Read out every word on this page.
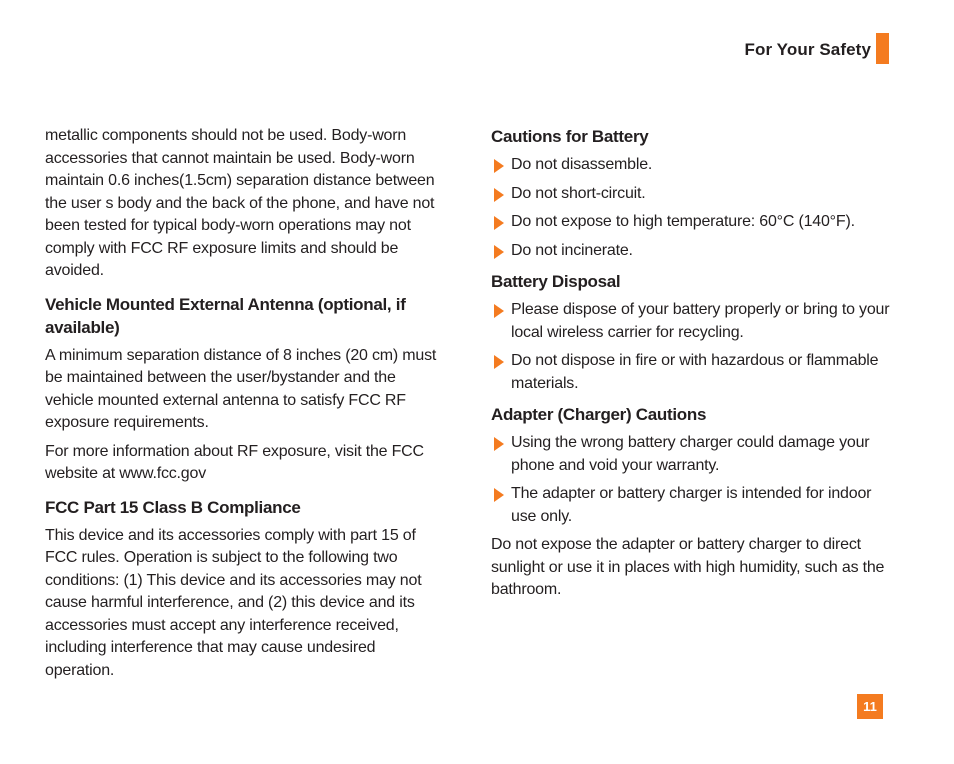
For Your Safety

metallic components should not be used. Body-worn accessories that cannot maintain be used. Body-worn maintain 0.6 inches(1.5cm) separation distance between the user s body and the back of the phone, and have not been tested for typical body-worn operations may not comply with FCC RF exposure limits and should be avoided.

Vehicle Mounted External Antenna (optional, if available)

A minimum separation distance of 8 inches (20 cm) must be maintained between the user/bystander and the vehicle mounted external antenna to satisfy FCC RF exposure requirements.

For more information about RF exposure, visit the FCC website at www.fcc.gov

FCC Part 15 Class B Compliance

This device and its accessories comply with part 15 of FCC rules. Operation is subject to the following two conditions: (1) This device and its accessories may not cause harmful interference, and (2) this device and its accessories must accept any interference received, including interference that may cause undesired operation.

Cautions for Battery
Do not disassemble.
Do not short-circuit.
Do not expose to high temperature: 60°C (140°F).
Do not incinerate.
Battery Disposal
Please dispose of your battery properly or bring to your local wireless carrier for recycling.
Do not dispose in fire or with hazardous or flammable materials.
Adapter (Charger) Cautions
Using the wrong battery charger could damage your phone and void your warranty.
The adapter or battery charger is intended for indoor use only.

Do not expose the adapter or battery charger to direct sunlight or use it in places with high humidity, such as the bathroom.

11
